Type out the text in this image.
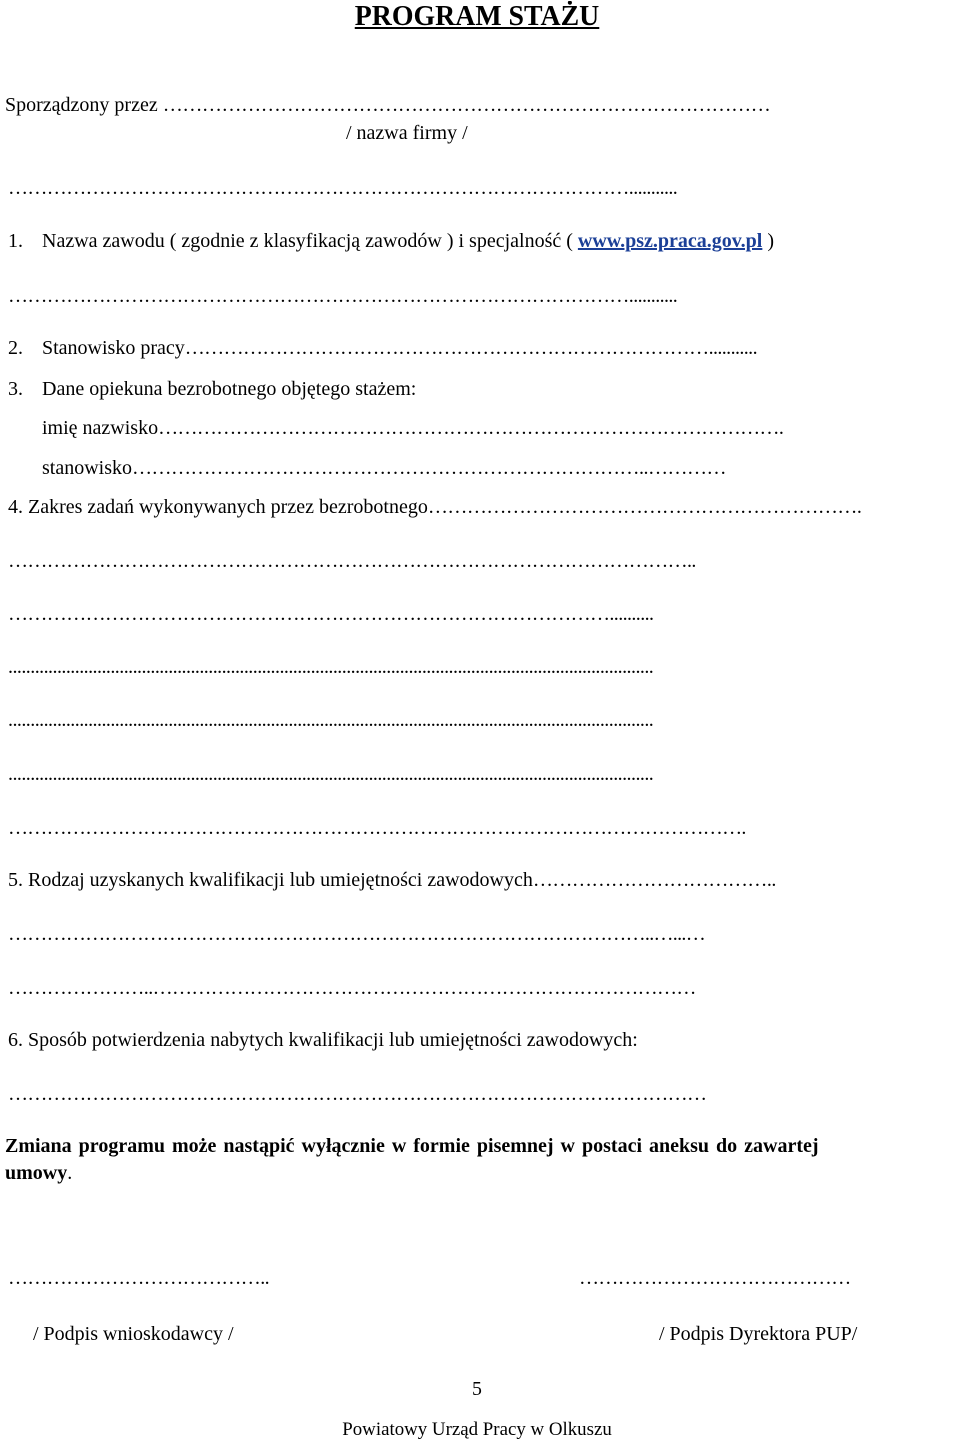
PROGRAM STAŻU
Sporządzony przez …………………………………………………………………………………
/ nazwa firmy /
……………………………………………………………………………………...........
1. Nazwa zawodu ( zgodnie z klasyfikacją zawodów ) i specjalność ( www.psz.praca.gov.pl )
……………………………………………………………………………………...........
2. Stanowisko pracy………………………………………………………………………...........
3. Dane opiekuna bezrobotnego objętego stażem:
imię nazwisko…………………………………………………………………………………….
stanowisko……………………………………………………………………..…………
4. Zakres zadań wykonywanych przez bezrobotnego………………………………………………………….
……………………………………………………………………………………………..
…………………………………………………………………………………..........
.................................................................................................................................................
.................................................................................................................................................
.................................................................................................................................................
…………………………………………………………………………………………………….
5. Rodzaj uzyskanych kwalifikacji lub umiejętności zawodowych………………………………..
………………………………………………………………………………………..…...…
…………………..…………………………………………………………………………
6. Sposób potwierdzenia nabytych kwalifikacji lub umiejętności zawodowych:
………………………………………………………………………………………………
Zmiana programu może nastąpić wyłącznie w formie pisemnej w postaci aneksu do zawartej
umowy.
…………………………………..	……………………………………
/ Podpis wnioskodawcy /	/ Podpis Dyrektora PUP/
5
Powiatowy Urząd Pracy w Olkuszu
